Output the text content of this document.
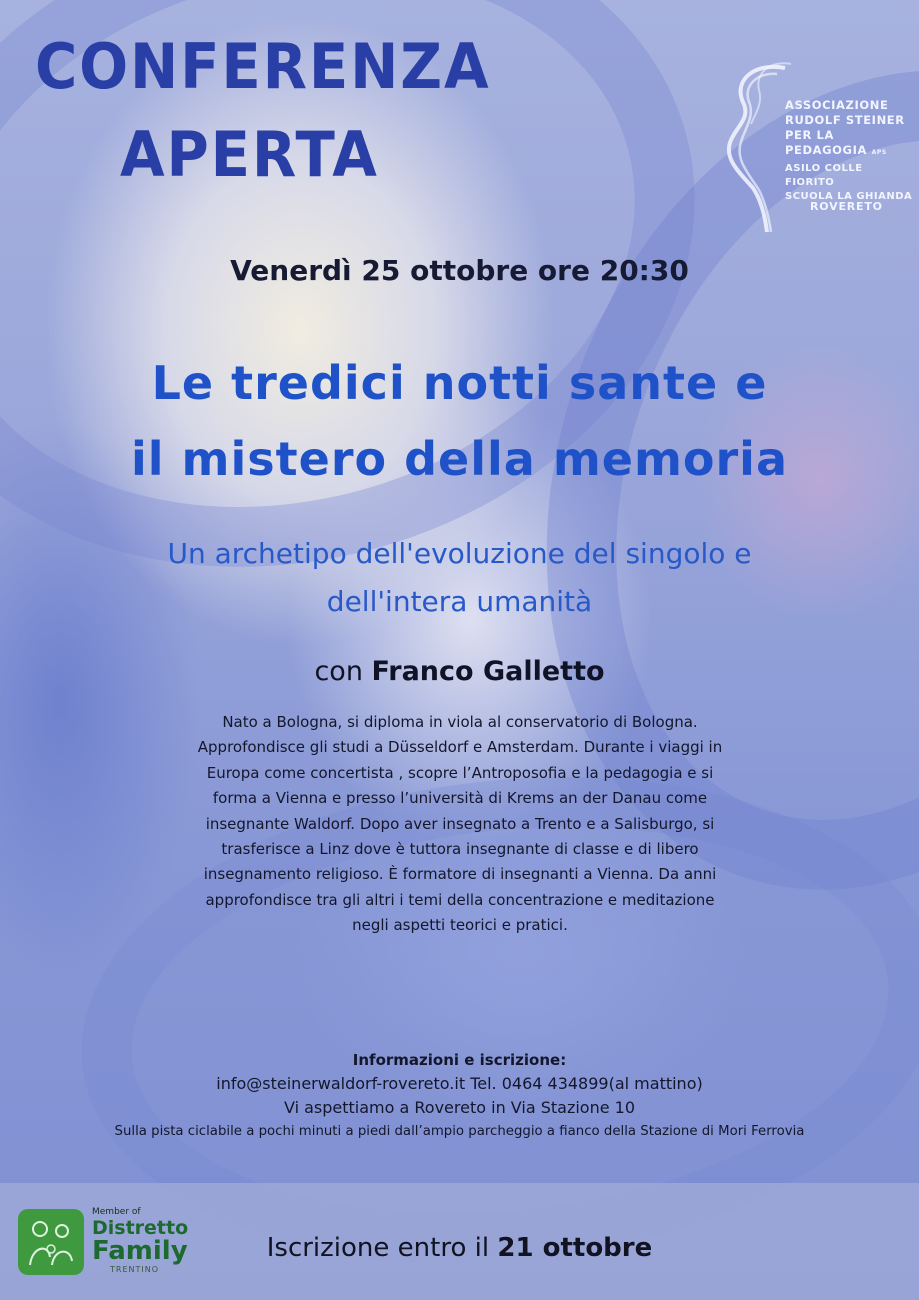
CONFERENZA
APERTA
ASSOCIAZIONE
RUDOLF STEINER
PER LA PEDAGOGIA APS
ASILO COLLE FIORITO
SCUOLA LA GHIANDA
ROVERETO
Venerdì 25 ottobre ore 20:30
Le tredici notti sante e
il mistero della memoria
Un archetipo dell'evoluzione del singolo e
dell'intera umanità
con Franco Galletto
Nato a Bologna, si diploma in viola al conservatorio di Bologna.
Approfondisce gli studi a Düsseldorf e Amsterdam. Durante i viaggi in
Europa come concertista , scopre l’Antroposofia e la pedagogia e si
forma a Vienna e presso l’università di Krems an der Danau come
insegnante Waldorf. Dopo aver insegnato a Trento e a Salisburgo, si
trasferisce a Linz dove è tuttora insegnante di classe e di libero
insegnamento religioso. È formatore di insegnanti a Vienna. Da anni
approfondisce tra gli altri i temi della concentrazione e meditazione
negli aspetti teorici e pratici.
Informazioni e iscrizione:
info@steinerwaldorf-rovereto.it Tel. 0464 434899(al mattino)
Vi aspettiamo a Rovereto in Via Stazione 10
Sulla pista ciclabile a pochi minuti a piedi dall’ampio parcheggio a fianco della Stazione di Mori Ferrovia
Member of
Distretto
Family
TRENTINO
Iscrizione entro il 21 ottobre
